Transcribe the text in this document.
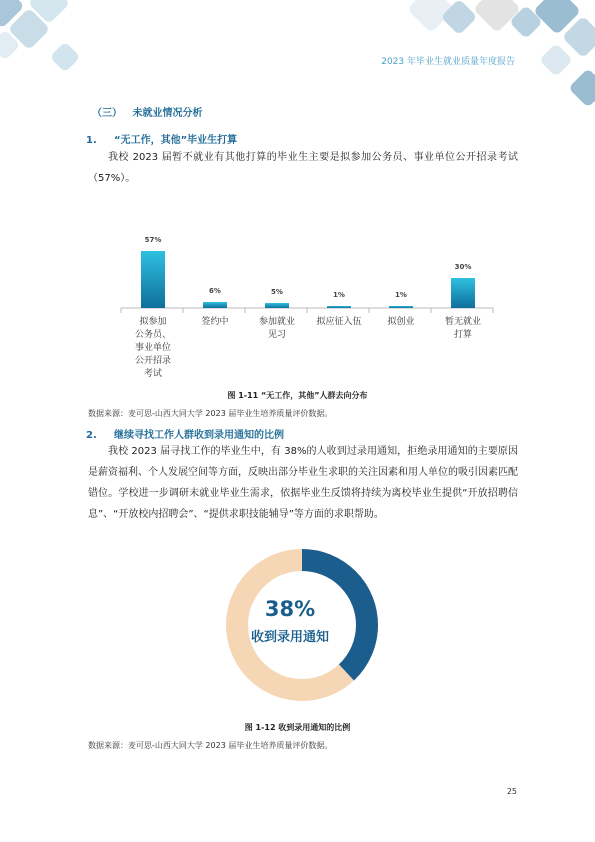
2023 年毕业生就业质量年度报告
（三）   未就业情况分析
1. “无工作，其他”毕业生打算
我校 2023 届暂不就业有其他打算的毕业生主要是拟参加公务员、事业单位公开招录考试（57%）。
57%
6%	5%	1%	1%
30%
拟参加
公务员、
事业单位
公开招录
考试
签约中	参加就业
见习
拟应征入伍	拟创业	暂无就业
打算
图 1-11 “无工作，其他”人群去向分布
数据来源：麦可思-山西大同大学 2023 届毕业生培养质量评价数据。
2. 继续寻找工作人群收到录用通知的比例
我校 2023 届寻找工作的毕业生中，有 38%的人收到过录用通知，拒绝录用通知的主要原因是薪资福利、个人发展空间等方面，反映出部分毕业生求职的关注因素和用人单位的吸引因素匹配错位。学校进一步调研未就业毕业生需求，依据毕业生反馈将持续为离校毕业生提供“开放招聘信息”、“开放校内招聘会”、“提供求职技能辅导”等方面的求职帮助。
38%
收到录用通知
图 1-12 收到录用通知的比例
数据来源：麦可思-山西大同大学 2023 届毕业生培养质量评价数据。
25
